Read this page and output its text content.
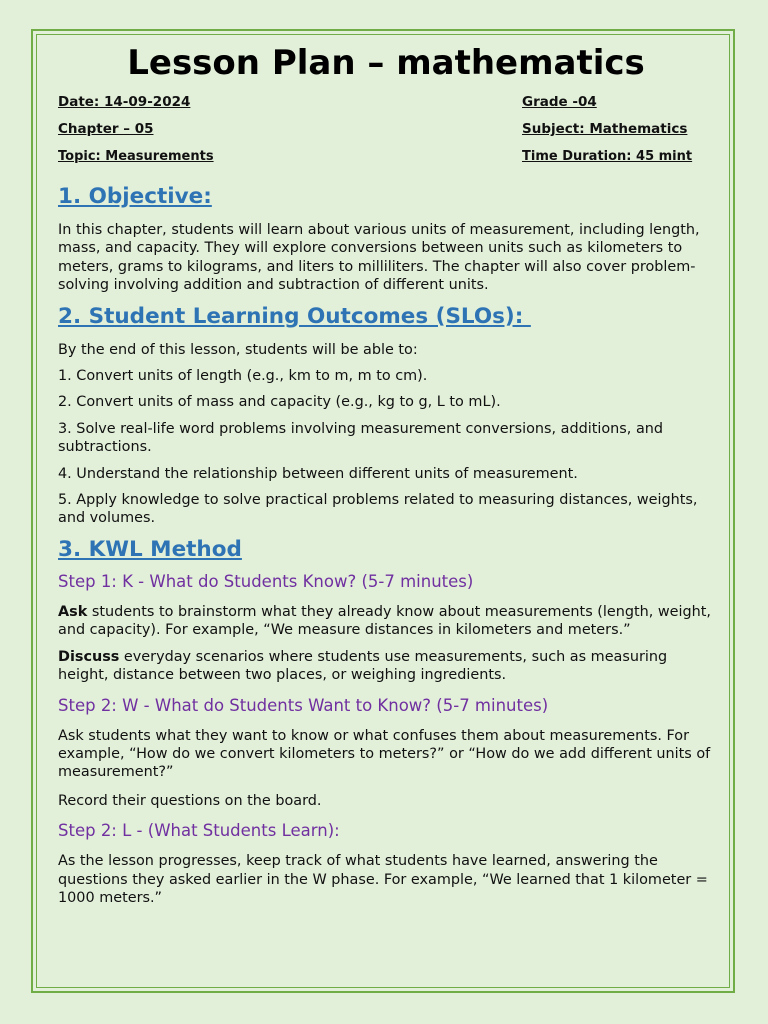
Lesson Plan – mathematics
Date: 14-09-2024	Grade -04
Chapter – 05	Subject: Mathematics
Topic: Measurements	Time Duration: 45 mint
1. Objective:

In this chapter, students will learn about various units of measurement, including length, mass, and capacity. They will explore conversions between units such as kilometers to meters, grams to kilograms, and liters to milliliters. The chapter will also cover problem-solving involving addition and subtraction of different units.

2. Student Learning Outcomes (SLOs):

By the end of this lesson, students will be able to:

1. Convert units of length (e.g., km to m, m to cm).

2. Convert units of mass and capacity (e.g., kg to g, L to mL).

3. Solve real-life word problems involving measurement conversions, additions, and subtractions.

4. Understand the relationship between different units of measurement.

5. Apply knowledge to solve practical problems related to measuring distances, weights, and volumes.

3. KWL Method
Step 1: K - What do Students Know? (5-7 minutes)

Ask students to brainstorm what they already know about measurements (length, weight, and capacity). For example, “We measure distances in kilometers and meters.”

Discuss everyday scenarios where students use measurements, such as measuring height, distance between two places, or weighing ingredients.

Step 2: W - What do Students Want to Know? (5-7 minutes)

Ask students what they want to know or what confuses them about measurements. For example, “How do we convert kilometers to meters?” or “How do we add different units of measurement?”

Record their questions on the board.

Step 2: L - (What Students Learn):

As the lesson progresses, keep track of what students have learned, answering the questions they asked earlier in the W phase. For example, “We learned that 1 kilometer = 1000 meters.”
